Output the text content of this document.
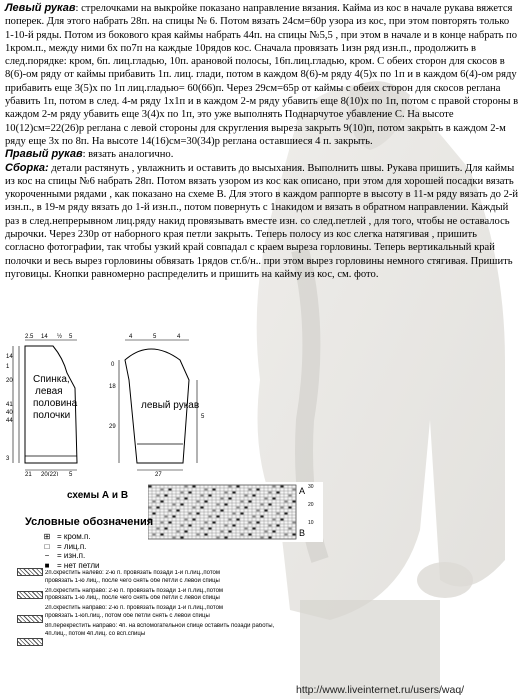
Левый рукав: стрелочками на выкройке показано направление вязания. Кайма из кос в начале рукава вяжется поперек. Для этого набрать 28п. на спицы № 6. Потом вязать 24см=60р узора из кос, при этом повторять только 1-10-й ряды. Потом из бокового края каймы набрать 44п. на спицы №5,5 , при этом в начале и в конце набрать по 1кром.п., между ними 6х по7п на каждые 10рядов кос. Сначала провязать 1изн ряд изн.п., продолжить в след.порядке: кром, 6п. лиц.гладью, 10п. арановой полосы, 16п.лиц.гладью, кром. С обеих сторон для скосов в 8(6)-ом ряду от каймы прибавить 1п. лиц. глади, потом в каждом 8(6)-м ряду 4(5)х по 1п и в каждом 6(4)-ом ряду прибавить еще 3(5)х по 1п лиц.гладью= 60(66)п. Через 29см=65р от каймы с обеих сторон для скосов реглана убавить 1п, потом в след. 4-м ряду 1х1п и в каждом 2-м ряду убавить еще 8(10)х по 1п, потом с правой стороны в каждом 2-м ряду убавить еще 3(4)х по 1п, это уже выполнять Поднарчутое убавление С. На высоте 10(12)см=22(26)р реглана с левой стороны для скругления выреза закрыть 9(10)п, потом закрыть в каждом 2-м ряду еще 3х по 8п. На высоте 14(16)см=30(34)р реглана оставшиеся 4 п. закрыть.

Правый рукав: вязать аналогично.

Сборка: детали растянуть , увлажнить и оставить до высыхания. Выполнить швы. Рукава пришить. Для каймы из кос на спицы №6 набрать 28п. Потом вязать узором из кос как описано, при этом для хорошей посадки вязать укороченными рядами , как показано на схеме В. Для этого в каждом раппорте в высоту в 11-м ряду вязать до 2-й изн.п., в 19-м ряду вязать до 1-й изн.п., потом повернуть с 1накидом и вязать в обратном направлении. Каждый раз в след.непрерывном лиц.ряду накид провязывать вместе изн. со след.петлей , для того, чтобы не оставалось дырочки. Через 230р от наборного края петли закрыть. Теперь полосу из кос слегка натягивая , пришить согласно фотографии, так чтобы узкий край совпадал с краем выреза горловины. Теперь вертикальный край полочки и весь вырез горловины обвязать 1рядов ст.б/н.. при этом вырез горловины немного стягивая. Пришить пуговицы. Кнопки равномерно распределить и пришить на кайму из кос, см. фото.

Спинка,
левая
половина
полочки
2.5 14 ½ 5
14
1
20
41
40
44
3
21 20(22) 5
левый рукав
4	5	4
0
18
29
5
27
A
B
30
20
10
схемы А и В
Условные обозначения
⊞ = кром.п.
□ = лиц.п.
− = изн.п.
■ = нет петли
2п.скрестить налево: 2-ю п. провязать позади 1-й п.лиц.,потом
провязать 1-ю лиц., после чего снять обе петли с левой спицы
2п.скрестить направо: 2-ю п. провязать позади 1-й п.лиц.,потом
провязать 1-ю лиц., после чего снять обе петли с левой спицы
2п.скрестить направо: 2-ю п. провязать позади 1-й п.лиц.,потом
провязать 1-юп.лиц., потом обе петли снять с левой спицы
8п.перекрестить направо: 4п. на вспомогательной спице оставить позади работы,
4п.лиц., потом 4п.лиц. со всп.спицы
http://www.liveinternet.ru/users/waq/
